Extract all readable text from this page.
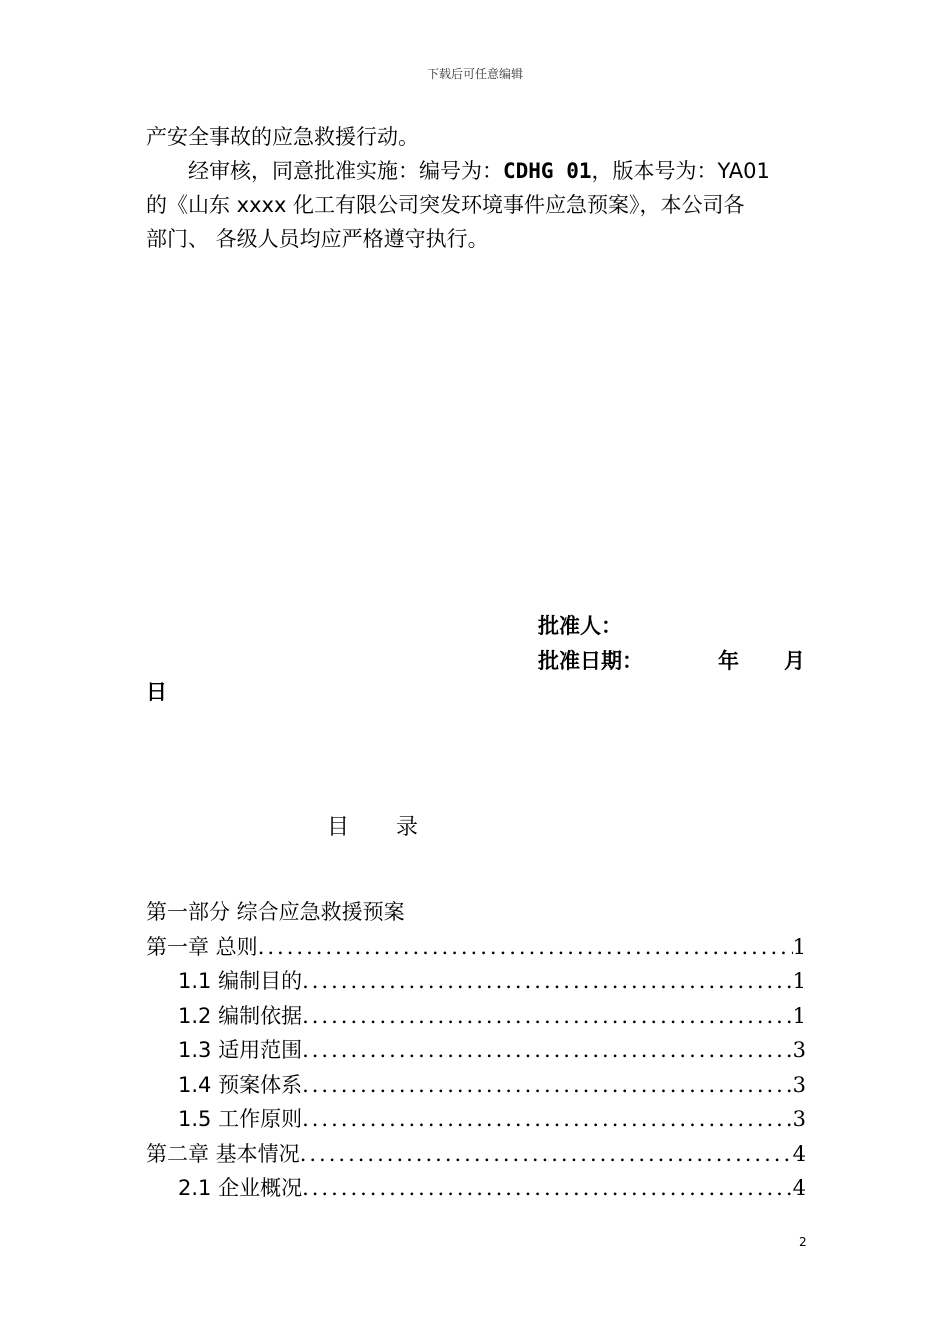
下载后可任意编辑
产安全事故的应急救援行动。
经审核，同意批准实施：编号为：CDHG 01，版本号为：YA01
的《山东 xxxx 化工有限公司突发环境事件应急预案》，本公司各
部门、 各级人员均应严格遵守执行。
批准人：
批准日期：	年 月
日
目 录
第一部分 综合应急救援预案
第一章 总则 .....	1
1.1 编制目的 .....	1
1.2 编制依据 .....	1
1.3 适用范围 .....	3
1.4 预案体系 .....	3
1.5 工作原则 .....	3
第二章 基本情况 .....	4
2.1 企业概况 .....	4
2
